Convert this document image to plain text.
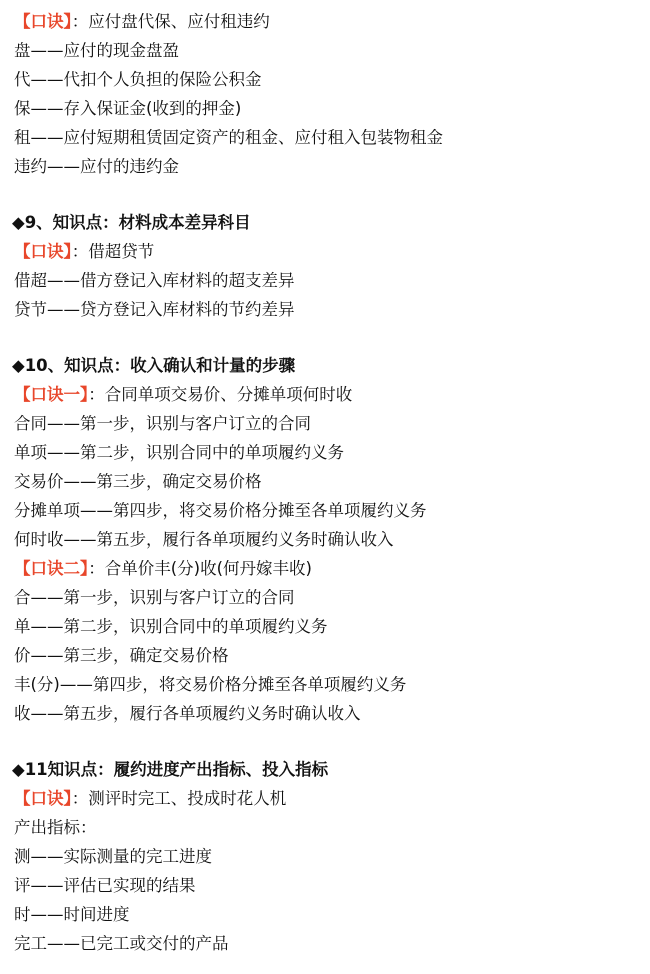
【口诀】：应付盘代保、应付租违约
盘——应付的现金盘盈
代——代扣个人负担的保险公积金
保——存入保证金(收到的押金)
租——应付短期租赁固定资产的租金、应付租入包装物租金
违约——应付的违约金
◆9、知识点：材料成本差异科目
【口诀】：借超贷节
借超——借方登记入库材料的超支差异
贷节——贷方登记入库材料的节约差异
◆10、知识点：收入确认和计量的步骤
【口诀一】：合同单项交易价、分摊单项何时收
合同——第一步，识别与客户订立的合同
单项——第二步，识别合同中的单项履约义务
交易价——第三步，确定交易价格
分摊单项——第四步，将交易价格分摊至各单项履约义务
何时收——第五步，履行各单项履约义务时确认收入
【口诀二】：合单价丰(分)收(何丹嫁丰收)
合——第一步，识别与客户订立的合同
单——第二步，识别合同中的单项履约义务
价——第三步，确定交易价格
丰(分)——第四步，将交易价格分摊至各单项履约义务
收——第五步，履行各单项履约义务时确认收入
◆11知识点：履约进度产出指标、投入指标
【口诀】：测评时完工、投成时花人机
产出指标：
测——实际测量的完工进度
评——评估已实现的结果
时——时间进度
完工——已完工或交付的产品
